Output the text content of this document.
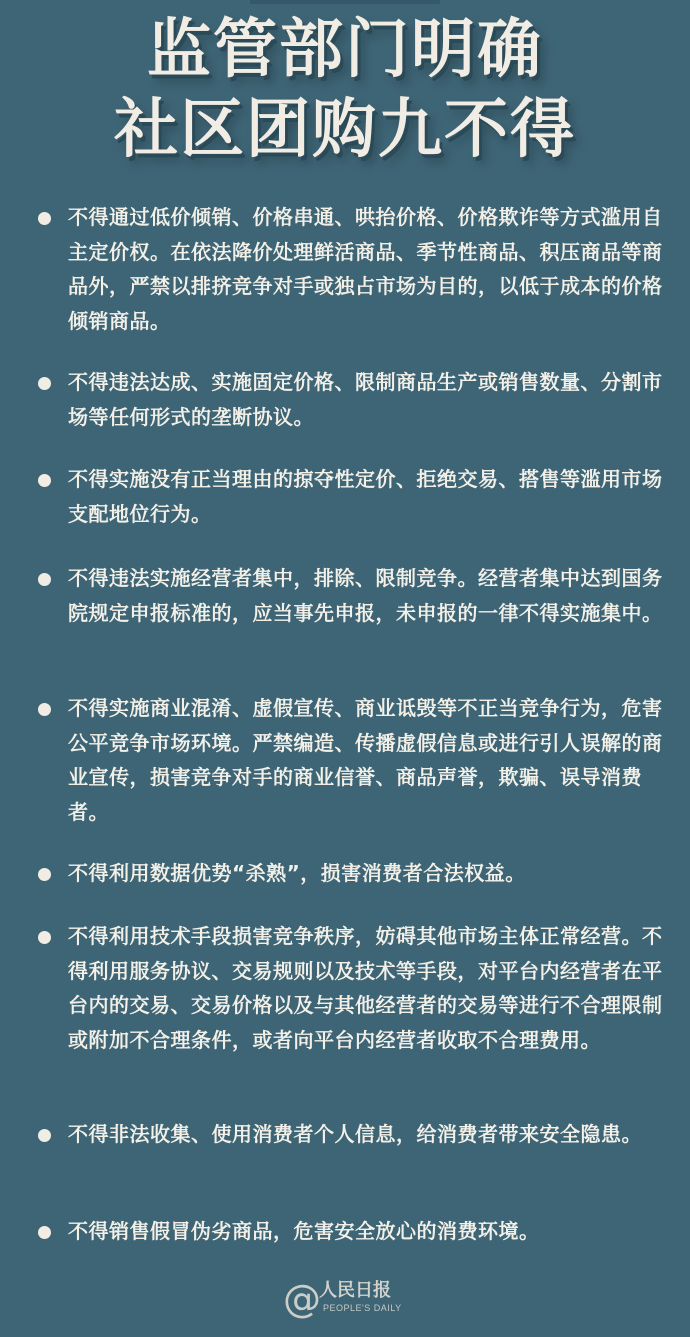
监管部门明确
社区团购九不得

不得通过低价倾销、价格串通、哄抬价格、价格欺诈等方式滥用自主定价权。在依法降价处理鲜活商品、季节性商品、积压商品等商品外，严禁以排挤竞争对手或独占市场为目的，以低于成本的价格倾销商品。

不得违法达成、实施固定价格、限制商品生产或销售数量、分割市场等任何形式的垄断协议。

不得实施没有正当理由的掠夺性定价、拒绝交易、搭售等滥用市场支配地位行为。

不得违法实施经营者集中，排除、限制竞争。经营者集中达到国务院规定申报标准的，应当事先申报，未申报的一律不得实施集中。

不得实施商业混淆、虚假宣传、商业诋毁等不正当竞争行为，危害公平竞争市场环境。严禁编造、传播虚假信息或进行引人误解的商业宣传，损害竞争对手的商业信誉、商品声誉，欺骗、误导消费者。

不得利用数据优势“杀熟”，损害消费者合法权益。

不得利用技术手段损害竞争秩序，妨碍其他市场主体正常经营。不得利用服务协议、交易规则以及技术等手段，对平台内经营者在平台内的交易、交易价格以及与其他经营者的交易等进行不合理限制或附加不合理条件，或者向平台内经营者收取不合理费用。

不得非法收集、使用消费者个人信息，给消费者带来安全隐患。

不得销售假冒伪劣商品，危害安全放心的消费环境。

@
人民日报
PEOPLE'S DAILY
